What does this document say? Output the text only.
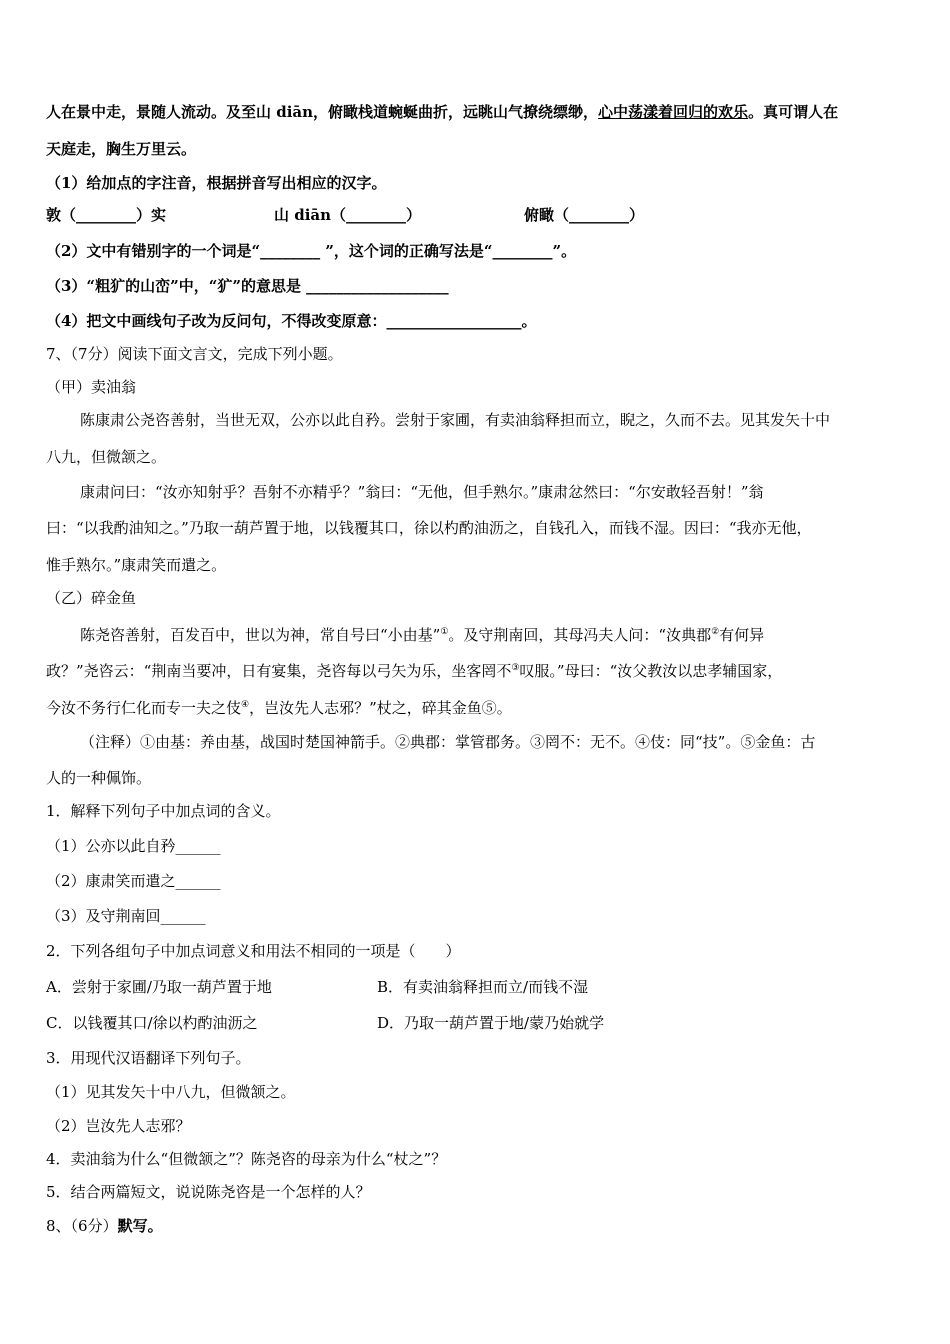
人在景中走，景随人流动。及至山 diān，俯瞰栈道蜿蜒曲折，远眺山气撩绕缥缈，心中荡漾着回归的欢乐。真可谓人在
天庭走，胸生万里云。
（1）给加点的字注音，根据拼音写出相应的汉字。
敦（________）实	山 diān（________）	俯瞰（________）
（2）文中有错别字的一个词是“________ ”，这个词的正确写法是“________”。
（3）“粗犷的山峦”中，“犷”的意思是 ___________________
（4）把文中画线句子改为反问句，不得改变原意：__________________。
7、（7分）阅读下面文言文，完成下列小题。
（甲）卖油翁
陈康肃公尧咨善射，当世无双，公亦以此自矜。尝射于家圃，有卖油翁释担而立，睨之，久而不去。见其发矢十中
八九，但微颔之。
康肃问曰：“汝亦知射乎？吾射不亦精乎？”翁曰：“无他，但手熟尔。”康肃忿然曰：“尔安敢轻吾射！”翁
曰：“以我酌油知之。”乃取一葫芦置于地，以钱覆其口，徐以杓酌油沥之，自钱孔入，而钱不湿。因曰：“我亦无他，
惟手熟尔。”康肃笑而遣之。
（乙）碎金鱼
陈尧咨善射，百发百中，世以为神，常自号曰“小由基”①。及守荆南回，其母冯夫人问：“汝典郡②有何异
政？”尧咨云：“荆南当要冲，日有宴集，尧咨每以弓矢为乐，坐客罔不③叹服。”母曰：“汝父教汝以忠孝辅国家，
今汝不务行仁化而专一夫之伎④，岂汝先人志邪？”杖之，碎其金鱼⑤。
（注释）①由基：养由基，战国时楚国神箭手。②典郡：掌管郡务。③罔不：无不。④伎：同“技”。⑤金鱼：古
人的一种佩饰。
1．解释下列句子中加点词的含义。
（1）公亦以此自矜______
（2）康肃笑而遣之______
（3）及守荆南回______
2．下列各组句子中加点词意义和用法不相同的一项是（　　）
A．尝射于家圃/乃取一葫芦置于地	B．有卖油翁释担而立/而钱不湿
C．以钱覆其口/徐以杓酌油沥之	D．乃取一葫芦置于地/蒙乃始就学
3．用现代汉语翻译下列句子。
（1）见其发矢十中八九，但微颔之。
（2）岂汝先人志邪？
4．卖油翁为什么“但微颔之”？陈尧咨的母亲为什么“杖之”？
5．结合两篇短文，说说陈尧咨是一个怎样的人？
8、（6分）默写。
